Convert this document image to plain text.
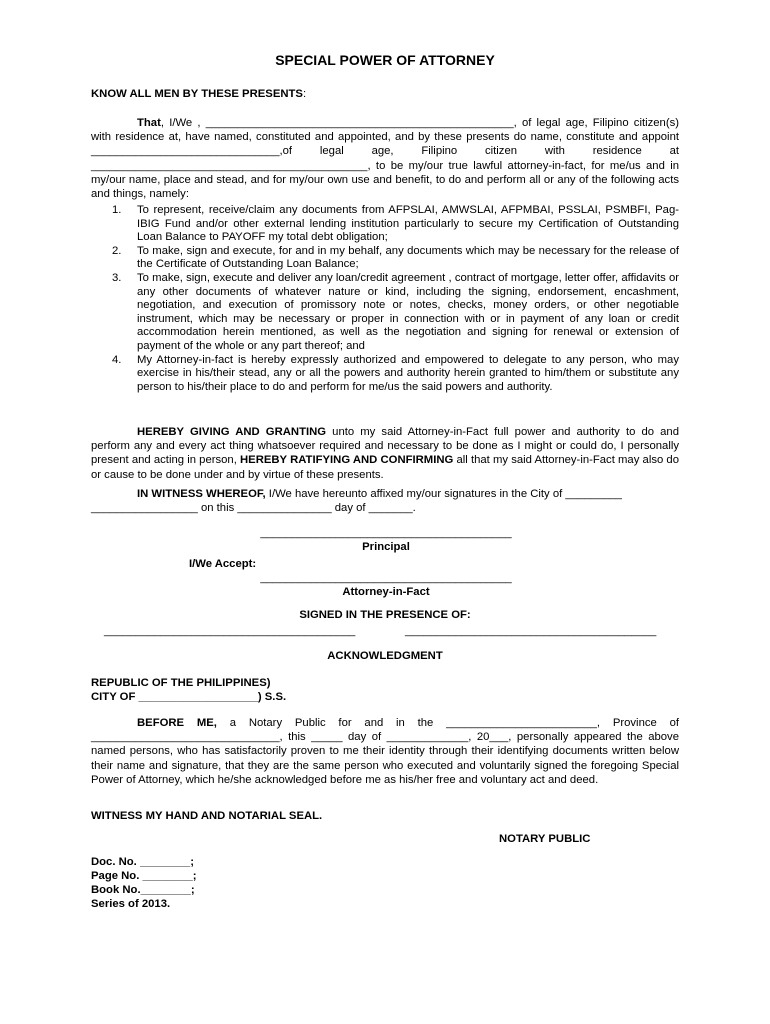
SPECIAL POWER OF ATTORNEY
KNOW ALL MEN BY THESE PRESENTS:
That, I/We , _________________________________________________, of legal age, Filipino citizen(s) with residence at, have named, constituted and appointed, and by these presents do name, constitute and appoint ______________________________,of legal age, Filipino citizen with residence at ____________________________________________, to be my/our true lawful attorney-in-fact, for me/us and in my/our name, place and stead, and for my/our own use and benefit, to do and perform all or any of the following acts and things, namely:
1. To represent, receive/claim any documents from AFPSLAI, AMWSLAI, AFPMBAI, PSSLAI, PSMBFI, Pag-IBIG Fund and/or other external lending institution particularly to secure my Certification of Outstanding Loan Balance to PAYOFF my total debt obligation;
2. To make, sign and execute, for and in my behalf, any documents which may be necessary for the release of the Certificate of Outstanding Loan Balance;
3. To make, sign, execute and deliver any loan/credit agreement , contract of mortgage, letter offer, affidavits or any other documents of whatever nature or kind, including the signing, endorsement, encashment, negotiation, and execution of promissory note or notes, checks, money orders, or other negotiable instrument, which may be necessary or proper in connection with or in payment of any loan or credit accommodation herein mentioned, as well as the negotiation and signing for renewal or extension of payment of the whole or any part thereof; and
4. My Attorney-in-fact is hereby expressly authorized and empowered to delegate to any person, who may exercise in his/their stead, any or all the powers and authority herein granted to him/them or substitute any person to his/their place to do and perform for me/us the said powers and authority.
HEREBY GIVING AND GRANTING unto my said Attorney-in-Fact full power and authority to do and perform any and every act thing whatsoever required and necessary to be done as I might or could do, I personally present and acting in person, HEREBY RATIFYING AND CONFIRMING all that my said Attorney-in-Fact may also do or cause to be done under and by virtue of these presents.
IN WITNESS WHEREOF, I/We have hereunto affixed my/our signatures in the City of _________ _________________ on this _______________ day of _______.
________________________________________
Principal
I/We Accept:
________________________________________
Attorney-in-Fact
SIGNED IN THE PRESENCE OF:
________________________________________	________________________________________
ACKNOWLEDGMENT
REPUBLIC OF THE PHILIPPINES)
CITY OF ___________________) S.S.
BEFORE ME, a Notary Public for and in the ________________________, Province of ______________________________, this _____ day of _____________, 20___, personally appeared the above named persons, who has satisfactorily proven to me their identity through their identifying documents written below their name and signature, that they are the same person who executed and voluntarily signed the foregoing Special Power of Attorney, which he/she acknowledged before me as his/her free and voluntary act and deed.
WITNESS MY HAND AND NOTARIAL SEAL.
NOTARY PUBLIC
Doc. No. ________;
Page No. ________;
Book No.________;
Series of 2013.
